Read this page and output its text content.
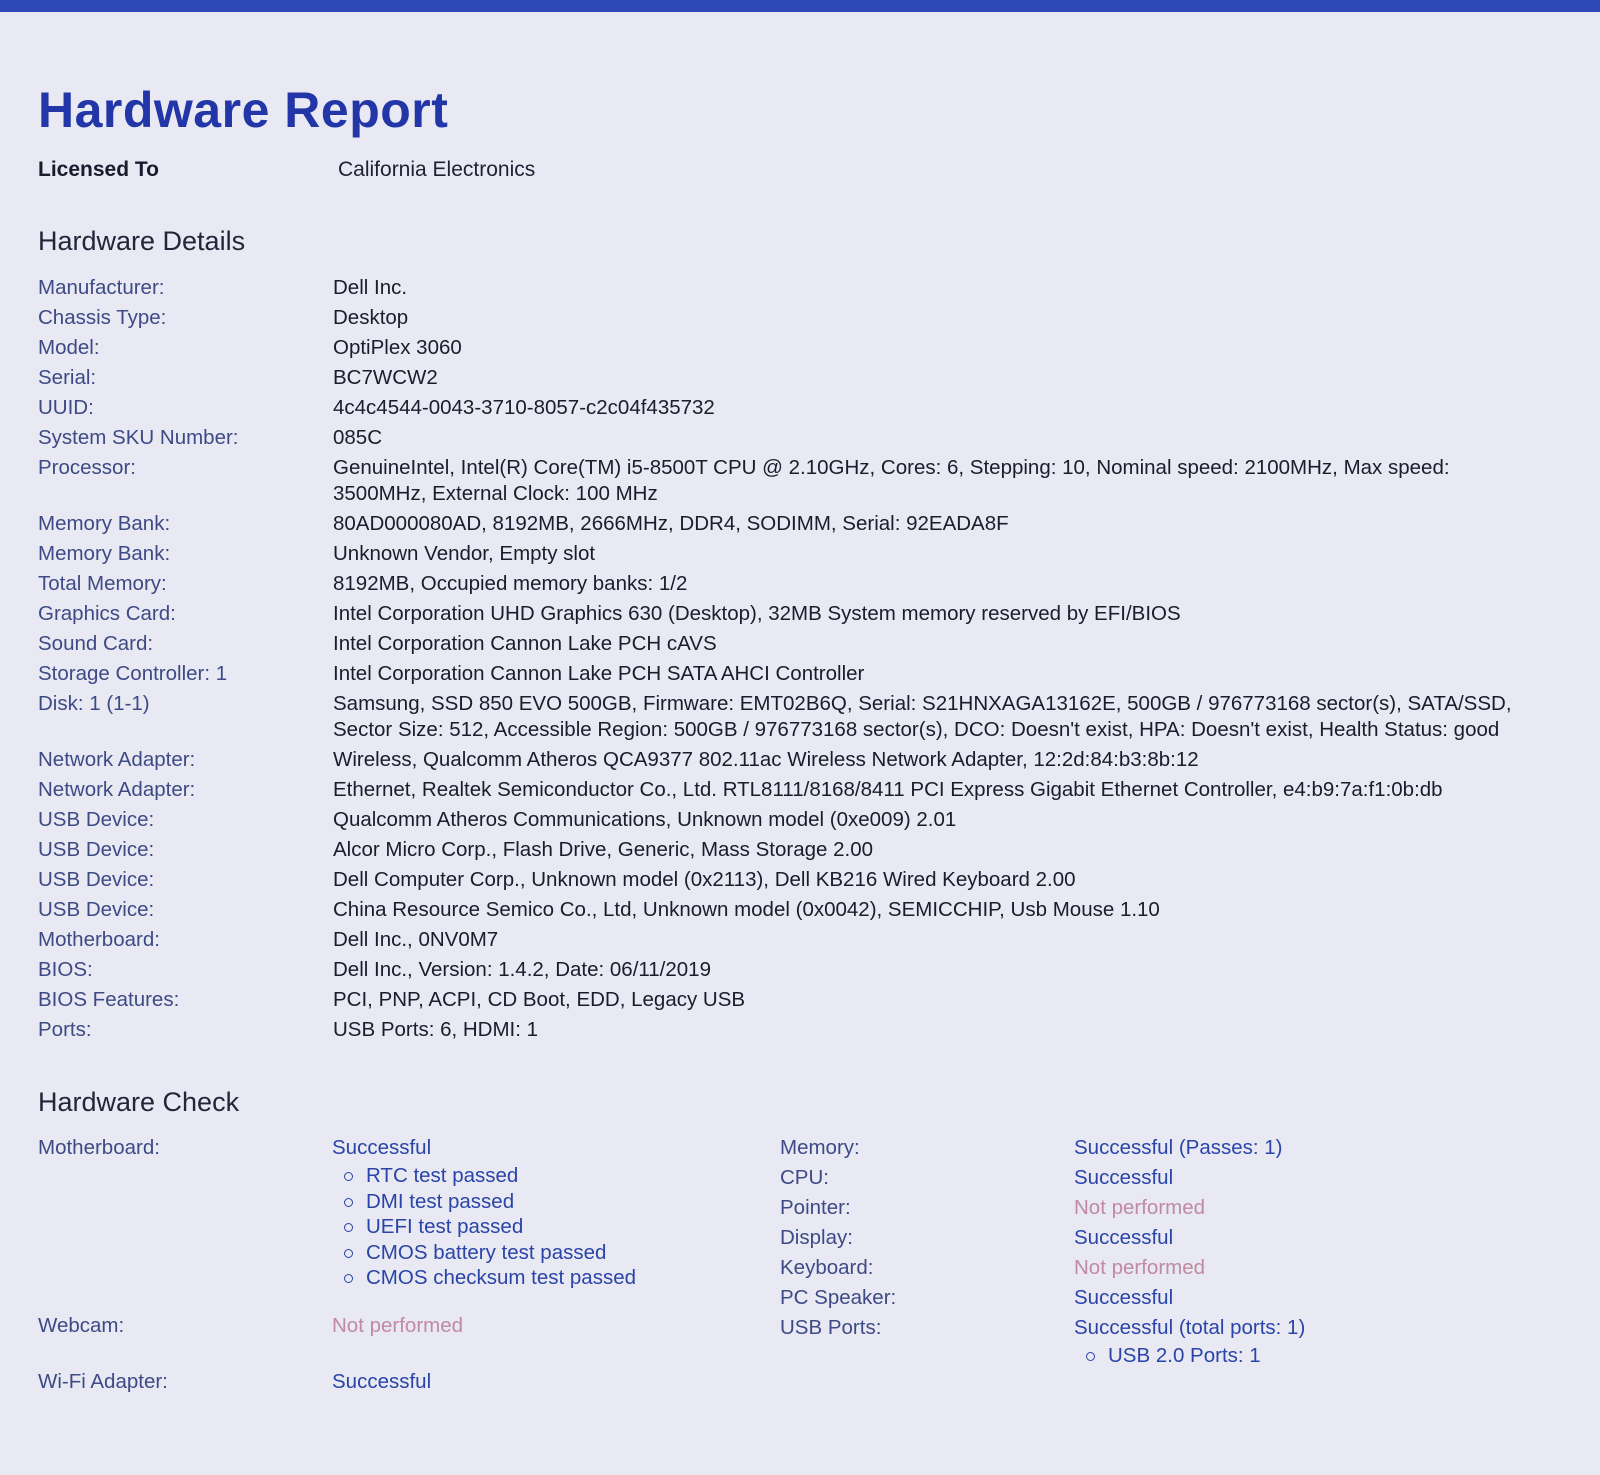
Hardware Report
Licensed To	California Electronics
Hardware Details
Manufacturer:	Dell Inc.
Chassis Type:	Desktop
Model:	OptiPlex 3060
Serial:	BC7WCW2
UUID:	4c4c4544-0043-3710-8057-c2c04f435732
System SKU Number:	085C
Processor:	GenuineIntel, Intel(R) Core(TM) i5-8500T CPU @ 2.10GHz, Cores: 6, Stepping: 10, Nominal speed: 2100MHz, Max speed: 3500MHz, External Clock: 100 MHz
Memory Bank:	80AD000080AD, 8192MB, 2666MHz, DDR4, SODIMM, Serial: 92EADA8F
Memory Bank:	Unknown Vendor, Empty slot
Total Memory:	8192MB, Occupied memory banks: 1/2
Graphics Card:	Intel Corporation UHD Graphics 630 (Desktop), 32MB System memory reserved by EFI/BIOS
Sound Card:	Intel Corporation Cannon Lake PCH cAVS
Storage Controller: 1	Intel Corporation Cannon Lake PCH SATA AHCI Controller
Disk: 1 (1-1)	Samsung, SSD 850 EVO 500GB, Firmware: EMT02B6Q, Serial: S21HNXAGA13162E, 500GB / 976773168 sector(s), SATA/SSD, Sector Size: 512, Accessible Region: 500GB / 976773168 sector(s), DCO: Doesn't exist, HPA: Doesn't exist, Health Status: good
Network Adapter:	Wireless, Qualcomm Atheros QCA9377 802.11ac Wireless Network Adapter, 12:2d:84:b3:8b:12
Network Adapter:	Ethernet, Realtek Semiconductor Co., Ltd. RTL8111/8168/8411 PCI Express Gigabit Ethernet Controller, e4:b9:7a:f1:0b:db
USB Device:	Qualcomm Atheros Communications, Unknown model (0xe009) 2.01
USB Device:	Alcor Micro Corp., Flash Drive, Generic, Mass Storage 2.00
USB Device:	Dell Computer Corp., Unknown model (0x2113), Dell KB216 Wired Keyboard 2.00
USB Device:	China Resource Semico Co., Ltd, Unknown model (0x0042), SEMICCHIP, Usb Mouse 1.10
Motherboard:	Dell Inc., 0NV0M7
BIOS:	Dell Inc., Version: 1.4.2, Date: 06/11/2019
BIOS Features:	PCI, PNP, ACPI, CD Boot, EDD, Legacy USB
Ports:	USB Ports: 6, HDMI: 1
Hardware Check
Motherboard:	Successful
RTC test passed
DMI test passed
UEFI test passed
CMOS battery test passed
CMOS checksum test passed
Webcam:	Not performed
Wi-Fi Adapter:	Successful
Memory:	Successful (Passes: 1)
CPU:	Successful
Pointer:	Not performed
Display:	Successful
Keyboard:	Not performed
PC Speaker:	Successful
USB Ports:	Successful (total ports: 1)
USB 2.0 Ports: 1
